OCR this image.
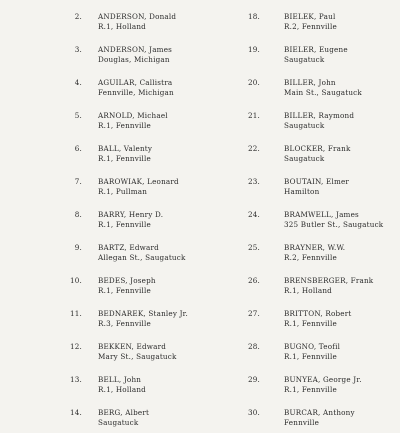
2. ANDERSON, Donald
R.1, Holland
3. ANDERSON, James
Douglas, Michigan
4. AGUILAR, Callistra
Fennville, Michigan
5. ARNOLD, Michael
R.1, Fennville
6. BALL, Valenty
R.1, Fennville
7. BAROWIAK, Leonard
R.1, Pullman
8. BARRY, Henry D.
R.1, Fennville
9. BARTZ, Edward
Allegan St., Saugatuck
10. BEDES, Joseph
R.1, Fennville
11. BEDNAREK, Stanley Jr.
R.3, Fennville
12. BEKKEN, Edward
Mary St., Saugatuck
13. BELL, John
R.1, Holland
14. BERG, Albert
Saugatuck
18.	BIELEK, Paul
R.2, Fennville
19.	BIELER, Eugene
Saugatuck
20.	BILLER, John
Main St., Saugatuck
21.	BILLER, Raymond
Saugatuck
22.	BLOCKER, Frank
Saugatuck
23.	BOUTAIN, Elmer
Hamilton
24.	BRAMWELL, James
325 Butler St., Saugatuck
25.	BRAYNER, W.W.
R.2, Fennville
26.	BRENSBERGER, Frank
R.1, Holland
27.	BRITTON, Robert
R.1, Fennville
28.	BUGNO, Teofil
R.1, Fennville
29.	BUNYEA, George Jr.
R.1, Fennville
30.	BURCAR, Anthony
Fennville
